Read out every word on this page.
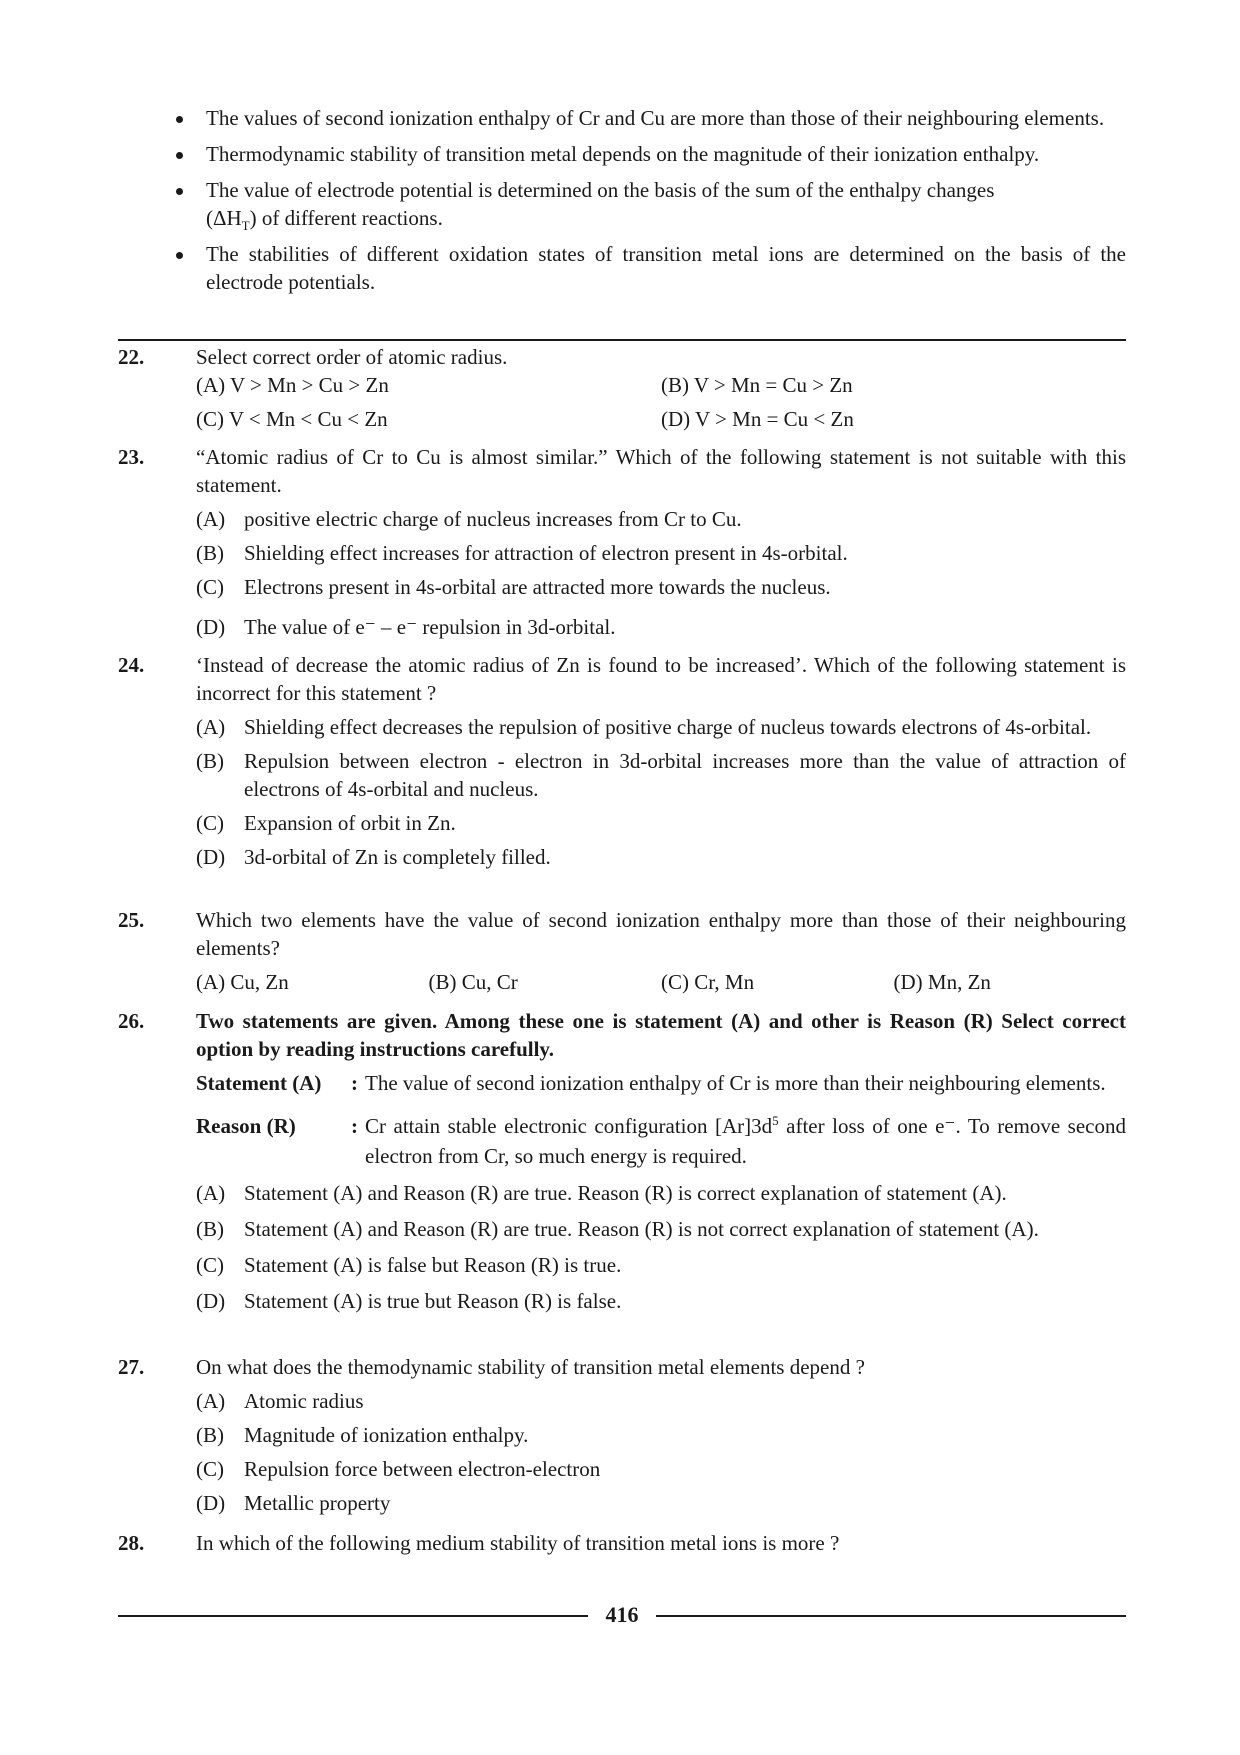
The values of second ionization enthalpy of Cr and Cu are more than those of their neighbouring elements.
Thermodynamic stability of transition metal depends on the magnitude of their ionization enthalpy.
The value of electrode potential is determined on the basis of the sum of the enthalpy changes
$(\Delta H_T)$ of different reactions.
The stabilities of different oxidation states of transition metal ions are determined on the basis of the electrode potentials.
22.	Select correct order of atomic radius.
(A) V > Mn > Cu > Zn	(B) V > Mn = Cu > Zn
(C) V < Mn < Cu < Zn	(D) V > Mn = Cu < Zn
23.	“Atomic radius of Cr to Cu is almost similar.” Which of the following statement is not suitable with this statement.
(A) positive electric charge of nucleus increases from Cr to Cu.
(B) Shielding effect increases for attraction of electron present in 4s-orbital.
(C) Electrons present in 4s-orbital are attracted more towards the nucleus.
(D) The value of e⁻ – e⁻ repulsion in 3d-orbital.
24.	‘Instead of decrease the atomic radius of Zn is found to be increased’. Which of the following statement is incorrect for this statement ?
(A) Shielding effect decreases the repulsion of positive charge of nucleus towards electrons of 4s-orbital.
(B) Repulsion between electron - electron in 3d-orbital increases more than the value of attraction of electrons of 4s-orbital and nucleus.
(C) Expansion of orbit in Zn.
(D) 3d-orbital of Zn is completely filled.
25.	Which two elements have the value of second ionization enthalpy more than those of their neighbouring elements?
(A) Cu, Zn	(B) Cu, Cr	(C) Cr, Mn	(D) Mn, Zn
26.	Two statements are given. Among these one is statement (A) and other is Reason (R) Select correct option by reading instructions carefully.
Statement (A) : The value of second ionization enthalpy of Cr is more than their neighbouring elements.
Reason (R)	: Cr attain stable electronic configuration $[Ar]3d^5$ after loss of one e⁻. To remove second electron from Cr, so much energy is required.
(A) Statement (A) and Reason (R) are true. Reason (R) is correct explanation of statement (A).
(B) Statement (A) and Reason (R) are true. Reason (R) is not correct explanation of statement (A).
(C) Statement (A) is false but Reason (R) is true.
(D) Statement (A) is true but Reason (R) is false.
27.	On what does the themodynamic stability of transition metal elements depend ?
(A) Atomic radius
(B) Magnitude of ionization enthalpy.
(C) Repulsion force between electron-electron
(D) Metallic property
28.	In which of the following medium stability of transition metal ions is more ?
416
